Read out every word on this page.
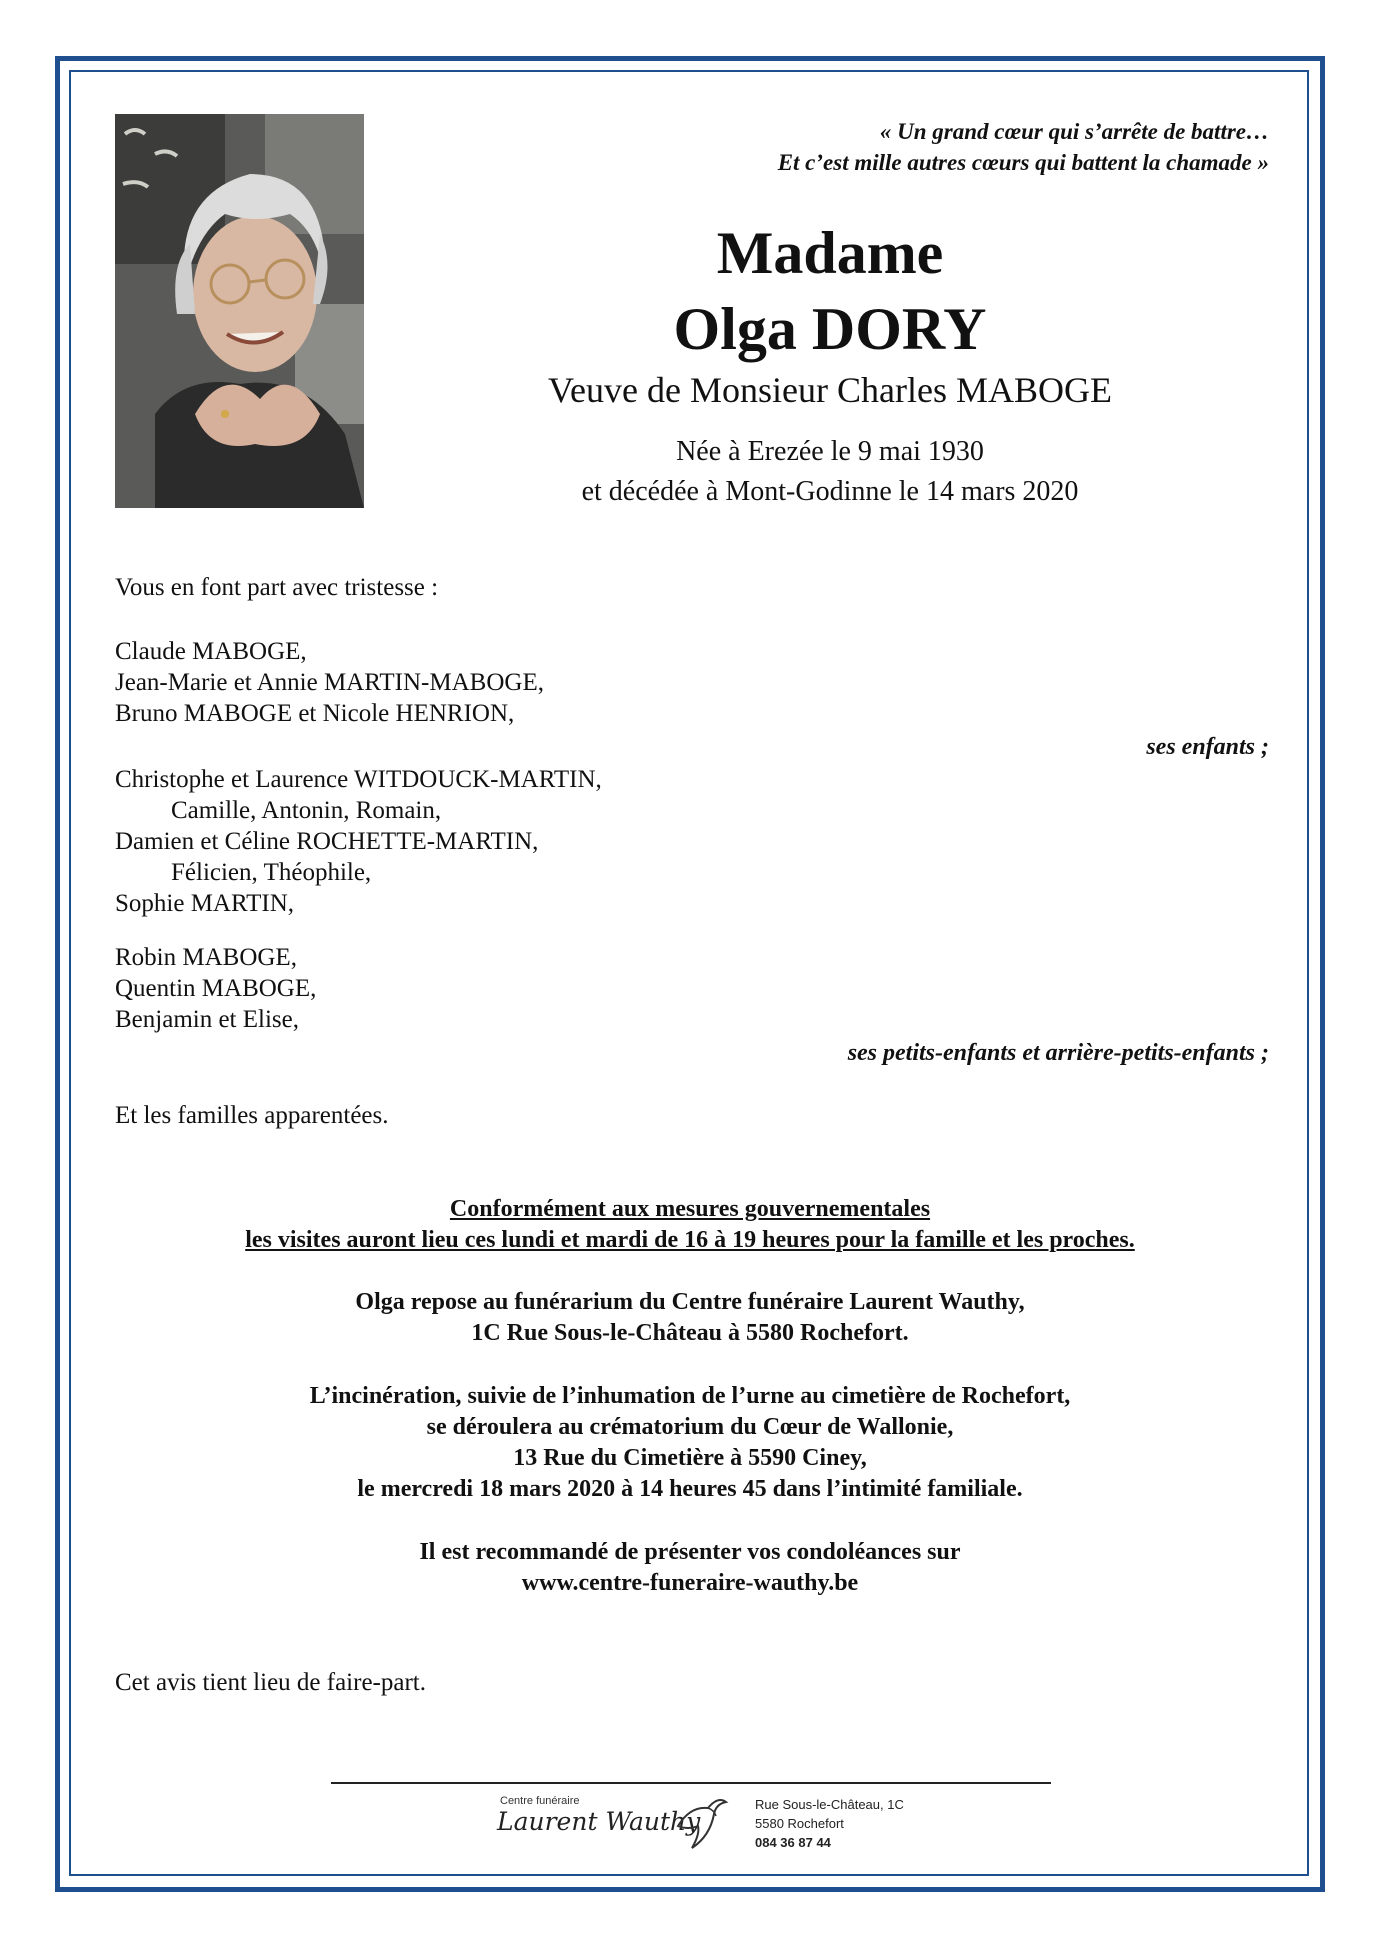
« Un grand cœur qui s’arrête de battre…
Et c’est mille autres cœurs qui battent la chamade »
Madame
Olga DORY
Veuve de Monsieur Charles MABOGE
Née à Erezée le 9 mai 1930
et décédée à Mont-Godinne le 14 mars 2020
Vous en font part avec tristesse :
Claude MABOGE,
Jean-Marie et Annie MARTIN-MABOGE,
Bruno MABOGE et Nicole HENRION,
ses enfants ;
Christophe et Laurence WITDOUCK-MARTIN,
Camille, Antonin, Romain,
Damien et Céline ROCHETTE-MARTIN,
Félicien, Théophile,
Sophie MARTIN,
Robin MABOGE,
Quentin MABOGE,
Benjamin et Elise,
ses petits-enfants et arrière-petits-enfants ;
Et les familles apparentées.
Conformément aux mesures gouvernementales
les visites auront lieu ces lundi et mardi de 16 à 19 heures pour la famille et les proches.
Olga repose au funérarium du Centre funéraire Laurent Wauthy,
1C Rue Sous-le-Château à 5580 Rochefort.
L’incinération, suivie de l’inhumation de l’urne au cimetière de Rochefort,
se déroulera au crématorium du Cœur de Wallonie,
13 Rue du Cimetière à 5590 Ciney,
le mercredi 18 mars 2020 à 14 heures 45 dans l’intimité familiale.
Il est recommandé de présenter vos condoléances sur
www.centre-funeraire-wauthy.be
Cet avis tient lieu de faire-part.
Centre funéraire
Laurent Wauthy
Rue Sous-le-Château, 1C
5580 Rochefort
084 36 87 44
